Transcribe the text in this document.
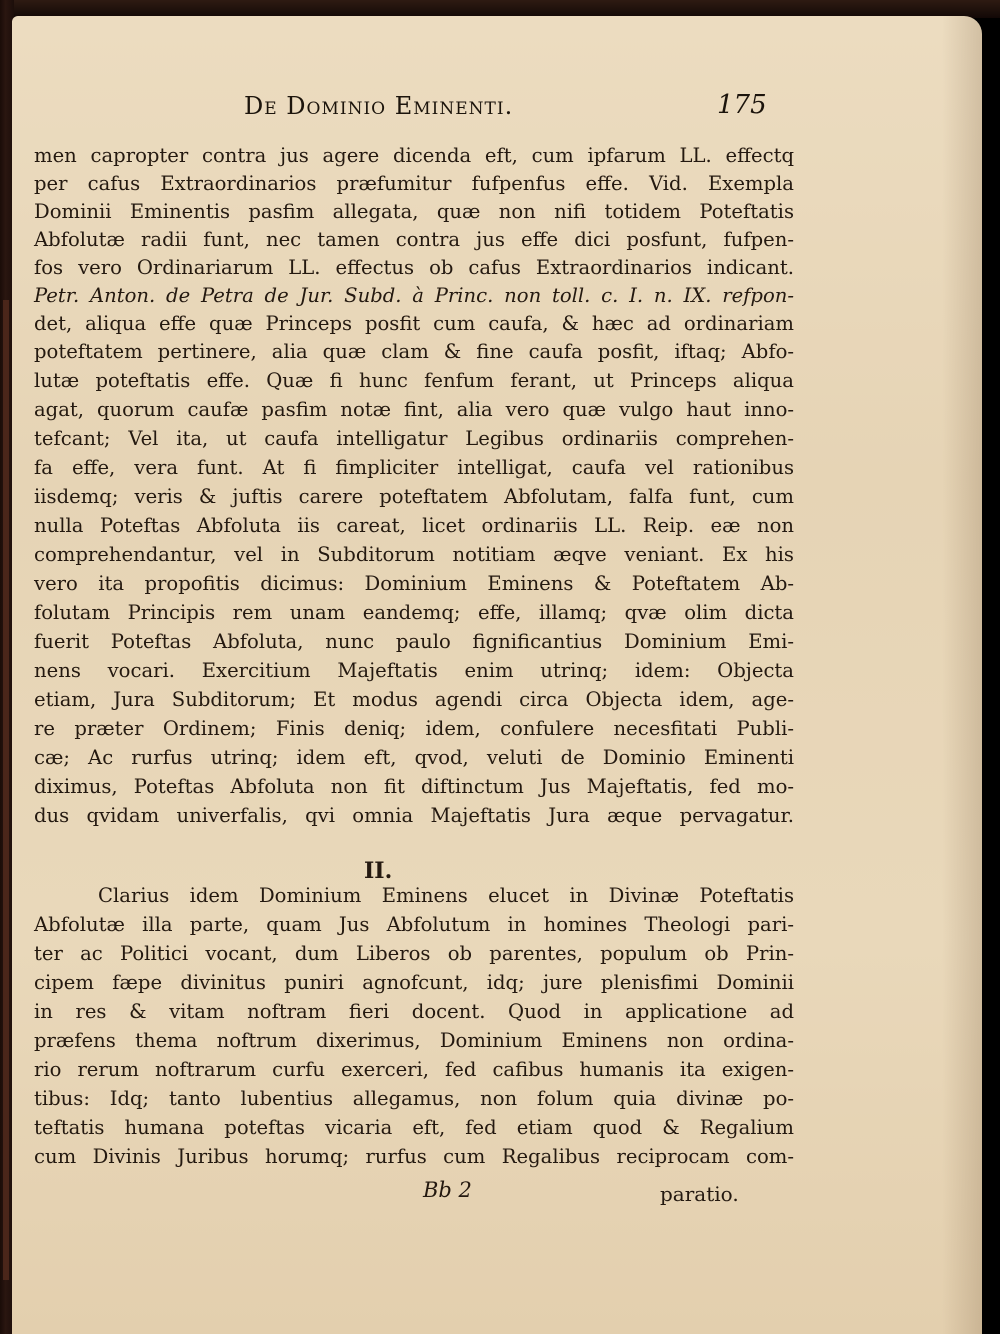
De Dominio Eminenti.	175
men capropter contra jus agere dicenda eft, cum ipfarum LL. effectq
per cafus Extraordinarios præfumitur fufpenfus effe. Vid. Exempla
Dominii Eminentis pasfim allegata, quæ non nifi totidem Poteftatis
Abfolutæ radii funt, nec tamen contra jus effe dici posfunt, fufpen-
fos vero Ordinariarum LL. effectus ob cafus Extraordinarios indicant.
Petr. Anton. de Petra de Jur. Subd. à Princ. non toll. c. I. n. IX. refpon-
det, aliqua effe quæ Princeps posfit cum caufa, & hæc ad ordinariam
poteftatem pertinere, alia quæ clam & fine caufa posfit, iftaq; Abfo-
lutæ poteftatis effe. Quæ fi hunc fenfum ferant, ut Princeps aliqua
agat, quorum caufæ pasfim notæ fint, alia vero quæ vulgo haut inno-
tefcant; Vel ita, ut caufa intelligatur Legibus ordinariis comprehen-
fa effe, vera funt. At fi fimpliciter intelligat, caufa vel rationibus
iisdemq; veris & juftis carere poteftatem Abfolutam, falfa funt, cum
nulla Poteftas Abfoluta iis careat, licet ordinariis LL. Reip. eæ non
comprehendantur, vel in Subditorum notitiam æqve veniant. Ex his
vero ita propofitis dicimus: Dominium Eminens & Poteftatem Ab-
folutam Principis rem unam eandemq; effe, illamq; qvæ olim dicta
fuerit Poteftas Abfoluta, nunc paulo fignificantius Dominium Emi-
nens vocari. Exercitium Majeftatis enim utrinq; idem: Objecta
etiam, Jura Subditorum; Et modus agendi circa Objecta idem, age-
re præter Ordinem; Finis deniq; idem, confulere necesfitati Publi-
cæ; Ac rurfus utrinq; idem eft, qvod, veluti de Dominio Eminenti
diximus, Poteftas Abfoluta non fit diftinctum Jus Majeftatis, fed mo-
dus qvidam univerfalis, qvi omnia Majeftatis Jura æque pervagatur.
II.
Clarius idem Dominium Eminens elucet in Divinæ Poteftatis
Abfolutæ illa parte, quam Jus Abfolutum in homines Theologi pari-
ter ac Politici vocant, dum Liberos ob parentes, populum ob Prin-
cipem fæpe divinitus puniri agnofcunt, idq; jure plenisfimi Dominii
in res & vitam noftram fieri docent. Quod in applicatione ad
præfens thema noftrum dixerimus, Dominium Eminens non ordina-
rio rerum noftrarum curfu exerceri, fed cafibus humanis ita exigen-
tibus: Idq; tanto lubentius allegamus, non folum quia divinæ po-
teftatis humana poteftas vicaria eft, fed etiam quod & Regalium
cum Divinis Juribus horumq; rurfus cum Regalibus reciprocam com-
Bb 2	paratio.
